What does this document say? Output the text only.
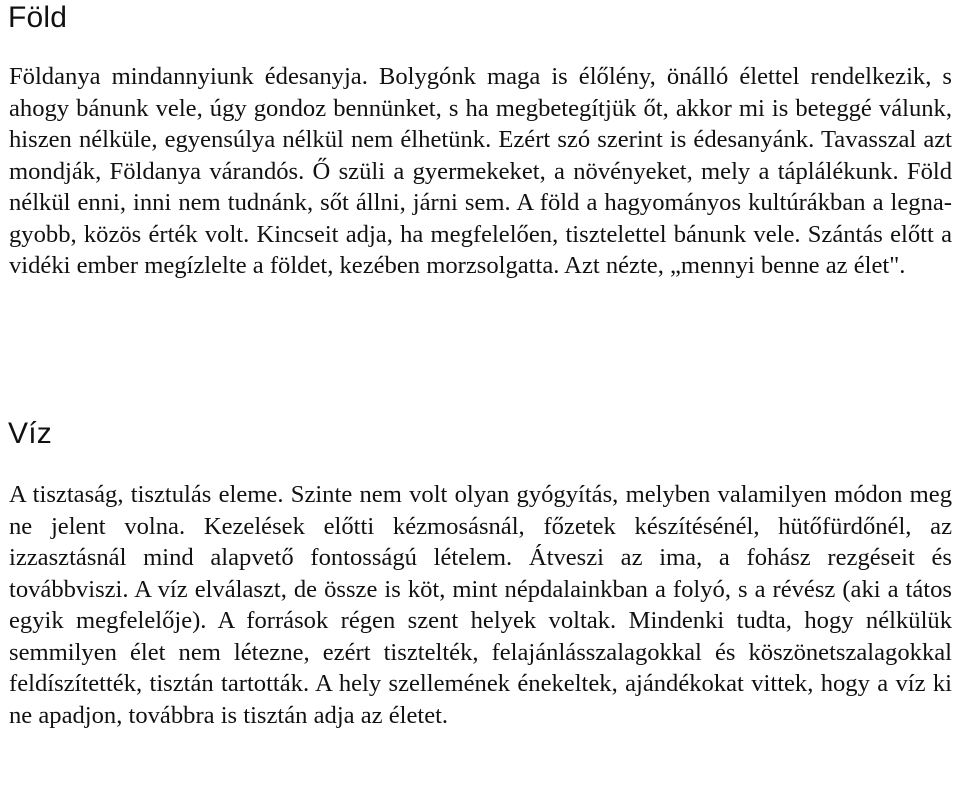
Föld

Földanya mindannyiunk édesanyja. Bolygónk maga is élőlény, önálló élettel rendelkezik, s ahogy bánunk vele, úgy gondoz bennünket, s ha megbetegítjük őt, akkor mi is beteggé válunk, hiszen nélküle, egyensúlya nélkül nem élhetünk. Ezért szó szerint is édesanyánk. Tavasszal azt mondják, Földanya várandós. Ő szüli a gyermekeket, a növényeket, mely a táplálékunk. Föld nélkül enni, inni nem tudnánk, sőt állni, járni sem. A föld a hagyományos kultúrákban a legnagyobb, közös érték volt. Kincseit adja, ha megfelelően, tisztelettel bánunk vele. Szántás előtt a vidéki ember megízlelte a földet, kezében morzsolgatta. Azt nézte, „mennyi benne az élet".

Víz

A tisztaság, tisztulás eleme. Szinte nem volt olyan gyógyítás, melyben valamilyen módon meg ne jelent volna. Kezelések előtti kézmosásnál, főzetek készítésénél, hütőfürdőnél, az izzasztásnál mind alapvető fontosságú lételem. Átveszi az ima, a fohász rezgéseit és továbbviszi. A víz elválaszt, de össze is köt, mint népdalainkban a folyó, s a révész (aki a tátos egyik megfelelője). A források régen szent helyek voltak. Mindenki tudta, hogy nélkülük semmilyen élet nem létezne, ezért tisztelték, felajánlásszalagokkal és köszönetszalagokkal feldíszítették, tisztán tartották. A hely szellemének énekeltek, ajándékokat vittek, hogy a víz ki ne apadjon, továbbra is tisztán adja az életet.
